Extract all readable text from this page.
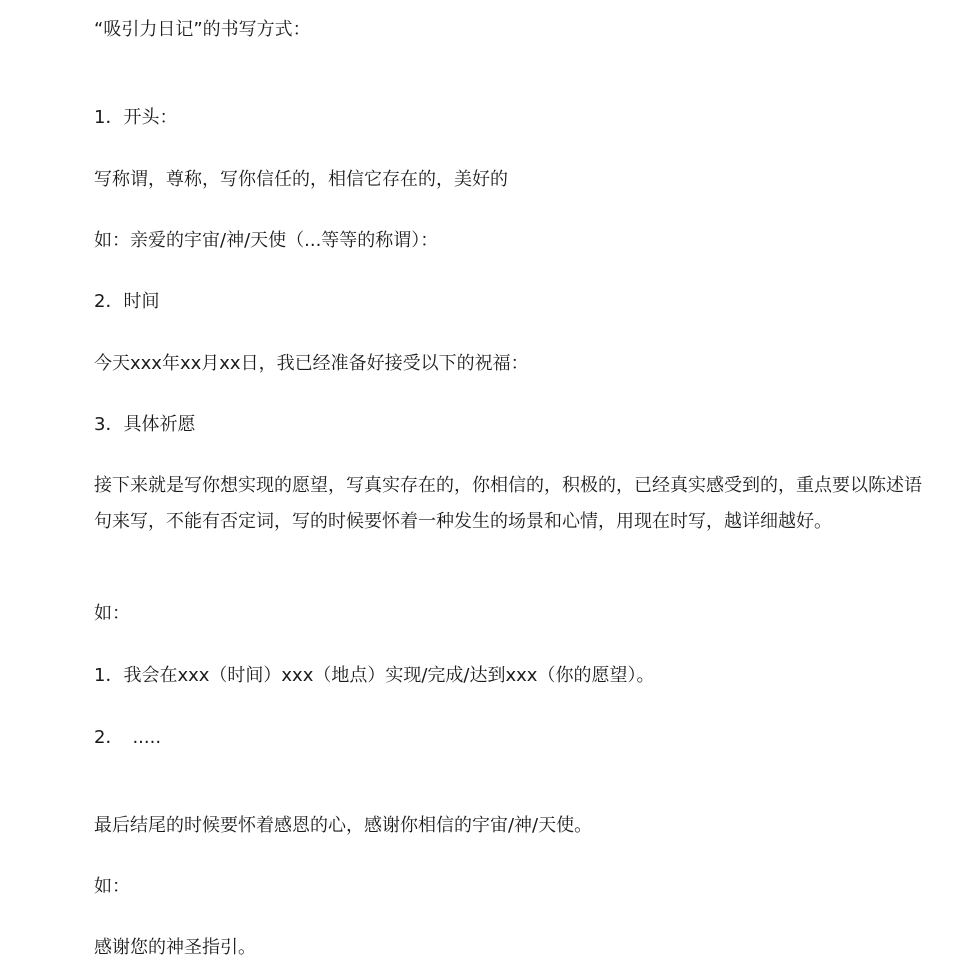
“吸引力日记”的书写方式：
1．开头：
写称谓，尊称，写你信任的，相信它存在的，美好的
如：亲爱的宇宙/神/天使（...等等的称谓）：
2．时间
今天xxx年xx月xx日，我已经准备好接受以下的祝福：
3．具体祈愿
接下来就是写你想实现的愿望，写真实存在的，你相信的，积极的，已经真实感受到的，重点要以陈述语句来写，不能有否定词，写的时候要怀着一种发生的场景和心情，用现在时写，越详细越好。
如：
1．我会在xxx（时间）xxx（地点）实现/完成/达到xxx（你的愿望）。
2．　.....
最后结尾的时候要怀着感恩的心，感谢你相信的宇宙/神/天使。
如：
感谢您的神圣指引。
